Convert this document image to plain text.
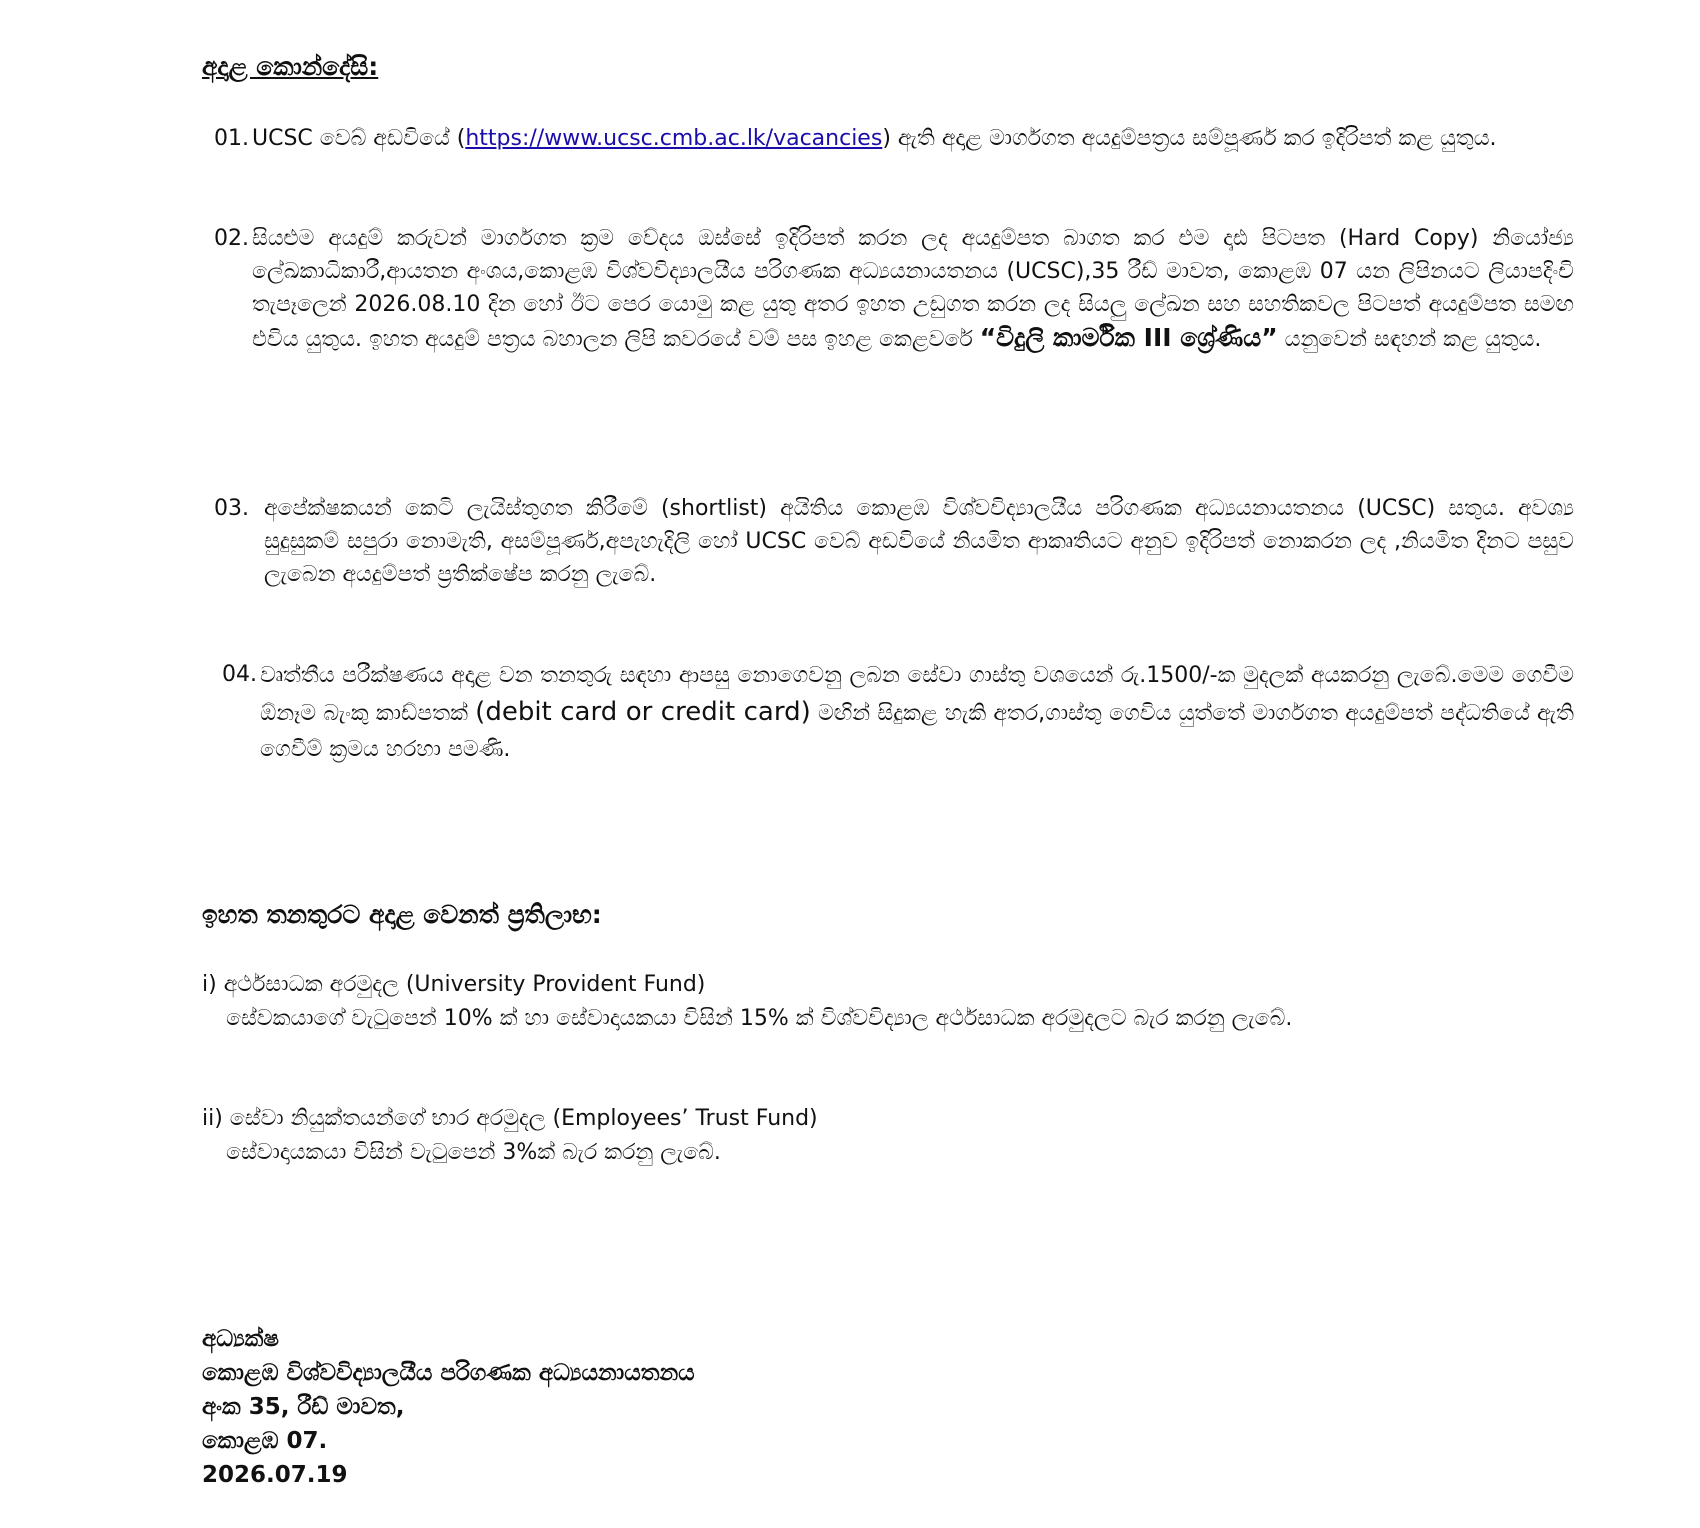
අදාළ කොන්දේසි:
01. UCSC වෙබ් අඩවියේ (https://www.ucsc.cmb.ac.lk/vacancies) ඇති අදාළ මාර්ගගත අයදුම්පත්‍රය සම්පූර්ණ කර ඉදිරිපත් කළ යුතුය.
02. සියළුම අයදුම් කරුවන් මාර්ගගත ක්‍රම වේදය ඔස්සේ ඉදිරිපත් කරන ලද අයදුම්පත බාගත කර එම දෘඪ පිටපත (Hard Copy) නියෝජ්‍ය ලේඛකාධිකාරී,ආයතන අංශය,කොළඹ විශ්වවිද්‍යාලයීය පරිගණක අධ්‍යයනායතනය (UCSC),35 රීඩ් මාවත, කොළඹ 07 යන ලිපිනයට ලියාපදිංචි තැපෑලෙන් 2026.08.10 දින හෝ ඊට පෙර යොමු කළ යුතු අතර ඉහත උඩුගත කරන ලද සියලු ලේඛන සහ සහතිකවල පිටපත් අයදුම්පත සමඟ එවිය යුතුය. ඉහත අයදුම් පත්‍රය බහාලන ලිපි කවරයේ වම් පස ඉහළ කෙළවරේ “විදුලි කාර්මික III ශ්‍රේණිය” යනුවෙන් සඳහන් කළ යුතුය.
03. අපේක්ෂකයන් කෙටි ලැයිස්තුගත කිරීමේ (shortlist) අයිතිය කොළඹ විශ්වවිද්‍යාලයීය පරිගණක අධ්‍යයනායතනය (UCSC) සතුය. අවශ්‍ය සුදුසුකම් සපුරා නොමැති, අසම්පූර්ණ,අපැහැදිලි හෝ UCSC වෙබ් අඩවියේ නියමිත ආකෘතියට අනුව ඉදිරිපත් නොකරන ලද ,නියමිත දිනට පසුව ලැබෙන අයදුම්පත් ප්‍රතික්ෂේප කරනු ලැබේ.
04. වෘත්තීය පරීක්ෂණය අදාළ වන තනතුරු සඳහා ආපසු නොගෙවනු ලබන සේවා ගාස්තු වශයෙන් රු.1500/-ක මුදලක් අයකරනු ලැබේ.මෙම ගෙවීම ඕනෑම බැංකු කාඩ්පතක් (debit card or credit card) මඟින් සිදුකළ හැකි අතර,ගාස්තු ගෙවිය යුත්තේ මාර්ගගත අයදුම්පත් පද්ධතියේ ඇති ගෙවීම් ක්‍රමය හරහා පමණි.
ඉහත තනතුරට අදාළ වෙනත් ප්‍රතිලාභ:
i) අර්ථසාධක අරමුදල (University Provident Fund)
සේවකයාගේ වැටුපෙන් 10% ක් හා සේවාදායකයා විසින් 15% ක් විශ්වවිද්‍යාල අර්ථසාධක අරමුදලට බැර කරනු ලැබේ.
ii) සේවා නියුක්තයන්ගේ භාර අරමුදල (Employees’ Trust Fund)
සේවාදායකයා විසින් වැටුපෙන් 3%ක් බැර කරනු ලැබේ.
අධ්‍යක්ෂ
කොළඹ විශ්වවිද්‍යාලයීය පරිගණක අධ්‍යයනායතනය
අංක 35, රීඩ් මාවත,
කොළඹ 07.
2026.07.19
